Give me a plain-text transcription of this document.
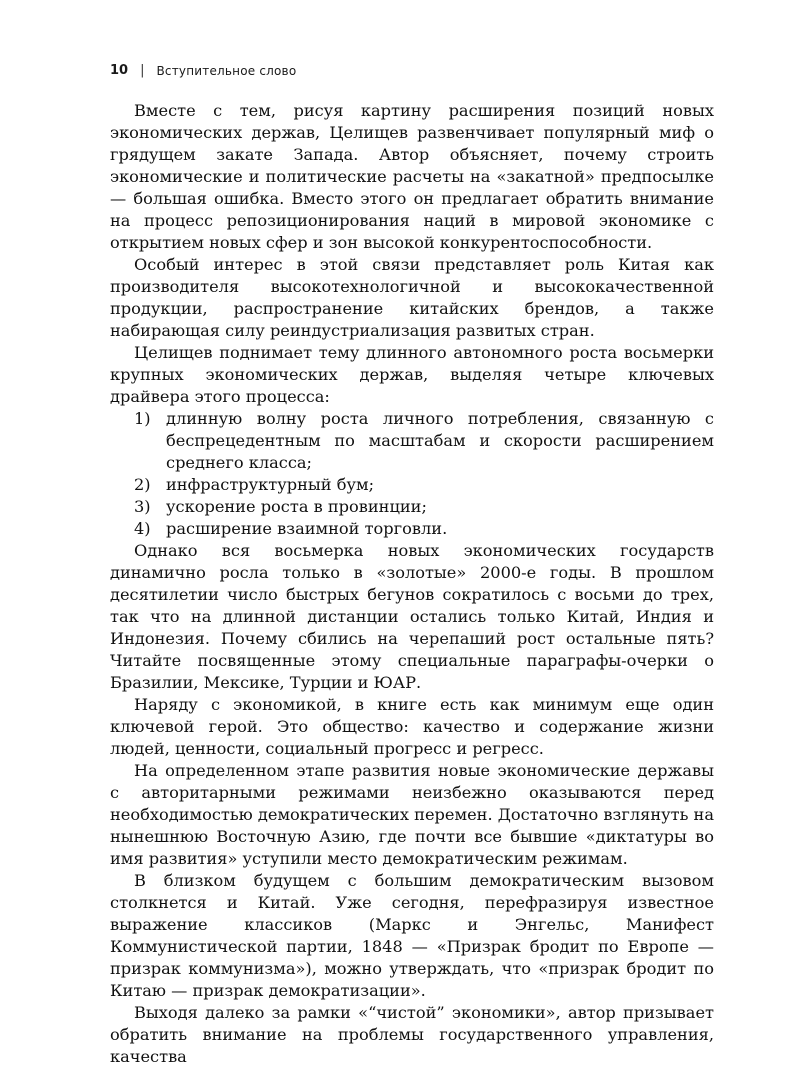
10 | Вступительное слово

Вместе с тем, рисуя картину расширения позиций новых экономических держав, Целищев развенчивает популярный миф о грядущем закате Запада. Автор объясняет, почему строить экономические и политические расчеты на «закатной» предпосылке — большая ошибка. Вместо этого он предлагает обратить внимание на процесс репозиционирования наций в мировой экономике с открытием новых сфер и зон высокой конкурентоспособности.

Особый интерес в этой связи представляет роль Китая как производителя высокотехнологичной и высококачественной продукции, распространение китайских брендов, а также набирающая силу реиндустриализация развитых стран.

Целищев поднимает тему длинного автономного роста восьмерки крупных экономических держав, выделяя четыре ключевых драйвера этого процесса:

1) длинную волну роста личного потребления, связанную с беспрецедентным по масштабам и скорости расширением среднего класса;
2) инфраструктурный бум;
3) ускорение роста в провинции;
4) расширение взаимной торговли.

Однако вся восьмерка новых экономических государств динамично росла только в «золотые» 2000-е годы. В прошлом десятилетии число быстрых бегунов сократилось с восьми до трех, так что на длинной дистанции остались только Китай, Индия и Индонезия. Почему сбились на черепаший рост остальные пять? Читайте посвященные этому специальные параграфы-очерки о Бразилии, Мексике, Турции и ЮАР.

Наряду с экономикой, в книге есть как минимум еще один ключевой герой. Это общество: качество и содержание жизни людей, ценности, социальный прогресс и регресс.

На определенном этапе развития новые экономические державы с авторитарными режимами неизбежно оказываются перед необходимостью демократических перемен. Достаточно взглянуть на нынешнюю Восточную Азию, где почти все бывшие «диктатуры во имя развития» уступили место демократическим режимам.

В близком будущем с большим демократическим вызовом столкнется и Китай. Уже сегодня, перефразируя известное выражение классиков (Маркс и Энгельс, Манифест Коммунистической партии, 1848 — «Призрак бродит по Европе — призрак коммунизма»), можно утверждать, что «призрак бродит по Китаю — призрак демократизации».

Выходя далеко за рамки «“чистой” экономики», автор призывает обратить внимание на проблемы государственного управления, качества
